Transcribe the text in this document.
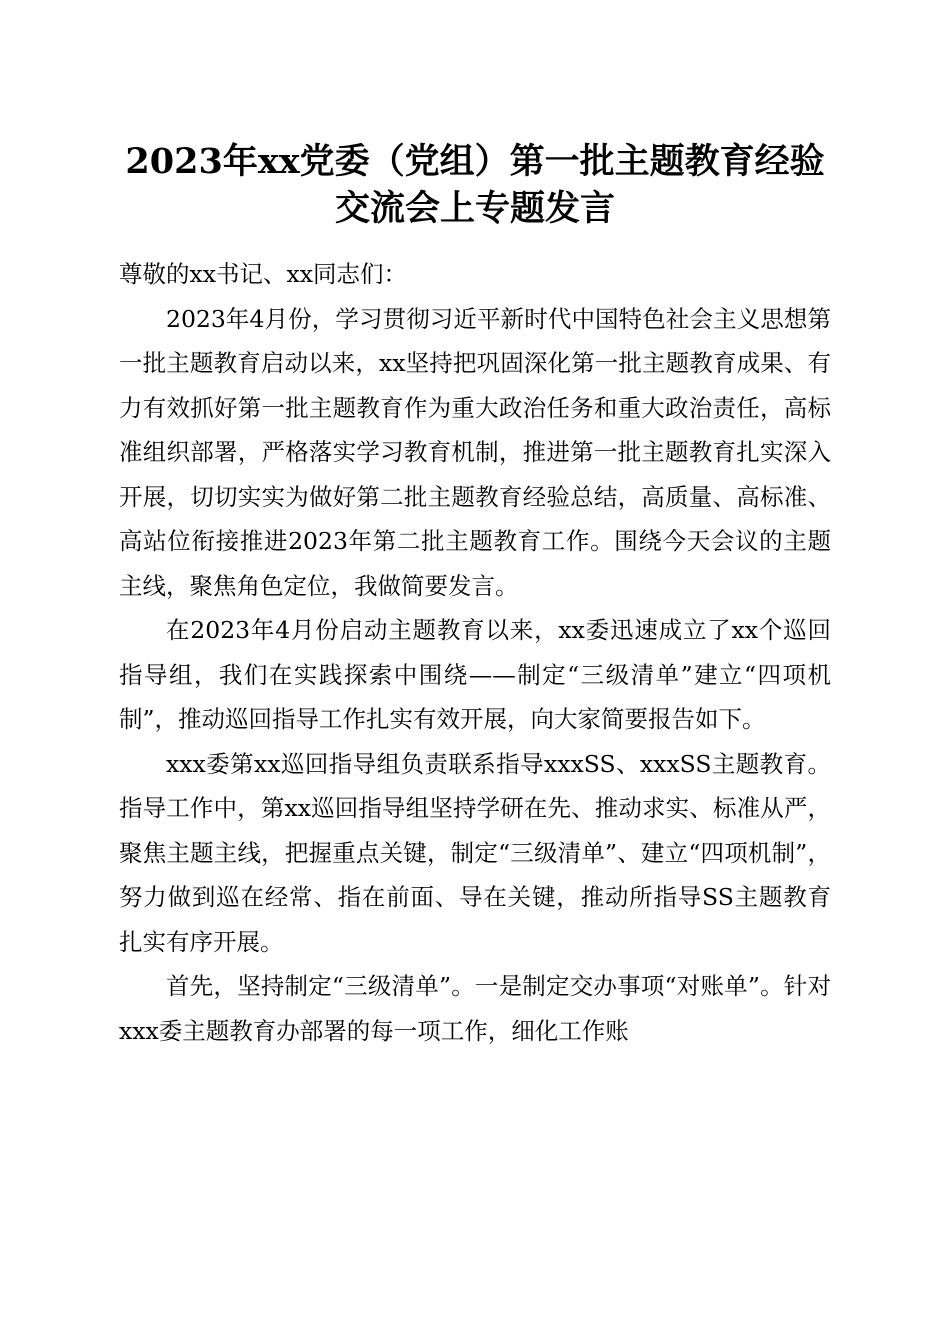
2023年xx党委（党组）第一批主题教育经验
交流会上专题发言

尊敬的xx书记、xx同志们：

2023年4月份，学习贯彻习近平新时代中国特色社会主义思想第一批主题教育启动以来，xx坚持把巩固深化第一批主题教育成果、有力有效抓好第一批主题教育作为重大政治任务和重大政治责任，高标准组织部署，严格落实学习教育机制，推进第一批主题教育扎实深入开展，切切实实为做好第二批主题教育经验总结，高质量、高标准、高站位衔接推进2023年第二批主题教育工作。围绕今天会议的主题主线，聚焦角色定位，我做简要发言。

在2023年4月份启动主题教育以来，xx委迅速成立了xx个巡回指导组，我们在实践探索中围绕——制定“三级清单”建立“四项机制”，推动巡回指导工作扎实有效开展，向大家简要报告如下。

xxx委第xx巡回指导组负责联系指导xxxSS、xxxSS主题教育。指导工作中，第xx巡回指导组坚持学研在先、推动求实、标准从严，聚焦主题主线，把握重点关键，制定“三级清单”、建立“四项机制”，努力做到巡在经常、指在前面、导在关键，推动所指导SS主题教育扎实有序开展。

首先，坚持制定“三级清单”。一是制定交办事项“对账单”。针对xxx委主题教育办部署的每一项工作，细化工作账
